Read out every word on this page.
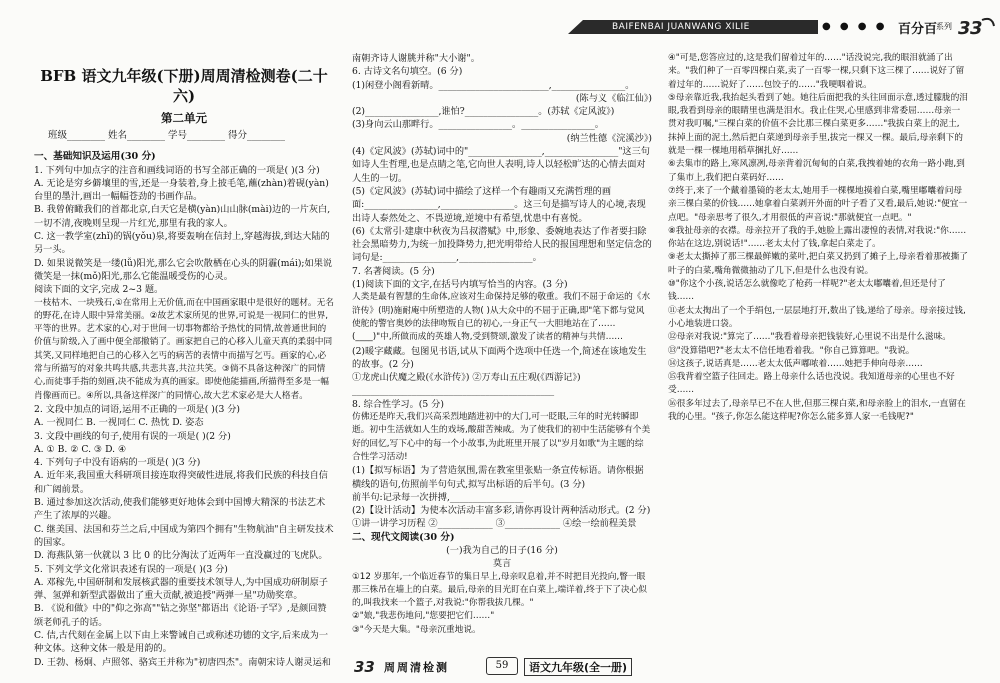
BAIFENBAI JUANWANG XILIE	● ● ● ● 百分百
系列 3 3

BFB 语文九年级(下册)周周清检测卷(二十六)

第二单元

班级________ 姓名________ 学号________ 得分________

一、基础知识及运用(30 分)

1. 下列句中加点字的注音和画线词语的书写全部正确的一项是( )(3 分)

A. 无论是穷乡僻壤里的雪,还是一身装着,身上披毛笔,蘸(zhàn)着砚(yàn)台里的墨汁,画出一幅幅苍劲的书画作品。

B. 我曾俯瞰我们的首都北京,白天它是横(yàn)山山脉(mài)边的一片灰白,一切不清,夜晚则呈现一片红光,那里有我的家人。

C. 这一教学室(zhǐ)的锅(yǒu)泉,将要轰响在信封上,穿越海拔,到达大陆的另一头。

D. 如果说微笑是一缕(lǚ)阳光,那么它会吹散栖在心头的阴霾(mái);如果说微笑是一抹(mǒ)阳光,那么它能温暖受伤的心灵。

阅读下面的文字,完成 2~3 题。

一枝枯木、一块残石,①在常用上无价值,而在中国画家眼中是很好的题材。无名的野花,在诗人眼中异常美丽。②故艺术家所见的世界,可说是一视同仁的世界,平等的世界。艺术家的心,对于世间一切事物都给予热忱的同情,故普通世间的价值与阶级,入了画中便全部撤销了。画家把自己的心移入儿童天真的柔弱中同其笑,又同样地把自己的心移入乞丐的病苦的表情中而描写乞丐。画家的心,必常与所描写的对象共鸣共感,共悲共喜,共泣共笑。③倘不具备这种深广的同情心,而徒事手指的刻画,决不能成为真的画家。即使他能描画,所描得至多是一幅肖像画而已。④所以,具备这样深广的同情心,故大艺术家必是大人格者。

2. 文段中加点的词语,运用不正确的一项是( )(3 分)

A. 一视同仁 B. 一视同仁 C. 热忱 D. 姿态

3. 文段中画线的句子,使用有误的一项是( )(2 分)

A. ① B. ② C. ③ D. ④

4. 下列句子中没有语病的一项是( )(3 分)

A. 近年来,我国重大科研项目接连取得突破性进展,将我们民族的科技自信和广阔前景。

B. 通过参加这次活动,使我们能够更好地体会到中国博大精深的书法艺术产生了浓厚的兴趣。

C. 继美国、法国和芬兰之后,中国成为第四个拥有"生物航油"自主研发技术的国家。

D. 海燕队第一伙就以 3 比 0 的比分淘汰了近两年一直没赢过的飞虎队。

5. 下列文学文化常识表述有误的一项是( )(3 分)

A. 邓稼先,中国研制和发展核武器的重要技术领导人,为中国成功研制原子弹、氢弹和新型武器做出了重大贡献,被追授"两弹一星"功勋奖章。

B. 《说和做》中的"仰之弥高""钻之弥坚"都语出《论语·子罕》,是颜回赞颂老师孔子的话。

C. 佶,古代刻在金属上以下由上来警诫自己或称述功德的文字,后来成为一种文体。这种文体一般是用韵的。

D. 王勃、杨炯、卢照邻、骆宾王并称为"初唐四杰"。南朝宋诗人谢灵运和

南朝齐诗人谢朓并称"大小谢"。

6. 古诗文名句填空。(6 分)

(1)闲登小阁看新晴。________________________,________________。

(陈与义《临江仙》)

(2)________________,谁怕?________________。(苏轼《定风波》)

(3)身向云山那畔行。________________。________________。

(纳兰性德《浣溪沙》)

(4)《定风波》(苏轼)词中的"________________,________________"这三句如诗人生哲理,也是点睛之笔,它向世人表明,诗人以轻松旷达的心情去面对人生的一切。

(5)《定风波》(苏轼)词中描绘了这样一个有趣雨又充满哲理的画面:________________,________________。这三句是描写诗人的心境,表现出诗人泰然处之、不畏逆境,逆境中有希望,忧患中有喜悦。

(6)《太常引·建康中秋夜为吕叔潜赋》中,形象、委婉地表达了作者要扫除社会黑暗势力,为统一加投降势力,把光明带给人民的报国理想和坚定信念的词句是:________________,________________。

7. 名著阅读。(5 分)

(1)阅读下面的文字,在括号内填写恰当的内容。(3 分)

人类是最有智慧的生命体,应该对生命保持足够的敬重。我们不屈于命运的《水浒传》(明)施耐庵中所塑造的人物( )从大众中的不屈于正确,即"笔下都与觉风使舵的警官奥妙的法律吻叛自已的初心,一身正气一大胆地站在了……(____)"中,所做而成的英雄人物,受到赞颂,激发了读者的精神与共情……

(2)暖字藏藏。包图见书语,试从下面两个选项中任选一个,简述在该地发生的故事。(2 分)

①龙虎山伏魔之殿(《水浒传》) ②万寿山五庄观(《西游记》)

____________________________________________

8. 综合性学习。(5 分)

仿佛还是昨天,我们兴高采烈地踏进初中的大门,可一眨眼,三年的时光转瞬即逝。初中生活就如人生的戏场,酸甜苦辣咸。为了使我们的初中生活能够有个美好的回忆,写下心中的每一个小故事,为此班里开展了以"岁月如歌"为主题的综合性学习活动!

(1)【拟写标语】为了营造氛围,需在教室里张贴一条宣传标语。请你根据横线的语句,仿照前半句句式,拟写出标语的后半句。(3 分)

前半句:记录每一次拼搏,________________

(2)【设计活动】为使本次活动丰富多彩,请你再设计两种活动形式。(2 分)

①讲一讲学习历程 ②____________ ③____________ ④绘一绘前程美景

二、现代文阅读(30 分)

(一)我为自己的日子(16 分)

莫言

①12 岁那年,一个临近春节的集日早上,母亲叹息着,并不时把目光投向,瞥一眼那三株吊在墙上的白菜。最后,母亲的目光盯在白菜上,端详着,终于下了决心似的,叫我找来一个篮子,对我说:"你帮我拔几棵。"

②"娘,"我悲伤地问,"您要把它们……"

③"今天是大集。"母亲沉重地说。

④"可是,您答应过的,这是我们留着过年的……"话没说完,我的眼泪就涌了出来。"我们种了一百零四棵白菜,卖了一百零一棵,只剩下这三棵了……说好了留着过年的……说好了……包饺子的……"我哽咽着说。

⑤母亲靠近我,我抬起头看到了她。她往后面把我的头往回面示意,透过朦胧的泪眼,我看到母亲的眼睛里也满是泪水。我止住哭,心里感到非常委屈……母亲一贯对我叮嘱,"三棵白菜的价值不会比那三棵白菜更多……"我拔白菜上的泥土,抹掉上面的泥土,然后把白菜递到母亲手里,拔完一棵又一棵。最后,母亲剩下的就是一棵一棵地用稻草捆扎好……

⑥去集市的路上,寒风凛冽,母亲背着沉甸甸的白菜,我拽着她的衣角一路小跑,到了集市上,我们把白菜码好……

⑦终于,来了一个戴着墨镜的老太太,她用手一棵棵地摸着白菜,嘴里嘟囔着问母亲三棵白菜的价钱……她拿着白菜剥开外面的叶子看了又看,最后,她说:"便宜一点吧。"母亲思考了很久,才用很低的声音说:"那就便宜一点吧。"

⑧我扯母亲的衣襟。母亲拉开了我的手,她脸上露出凄惶的表情,对我说:"你……你站在这边,别说话!"……老太太付了钱,拿起白菜走了。

⑨老太太撕掉了那三棵最鲜嫩的菜叶,把白菜又扔到了摊子上,母亲看着那被撕了叶子的白菜,嘴角微微抽动了几下,但是什么也没有说。

⑩"你这个小孩,说话怎么就像吃了枪药一样呢?"老太太嘟囔着,但还是付了钱……

⑪老太太掏出了一个手绢包,一层层地打开,数出了钱,递给了母亲。母亲接过钱,小心地装进口袋。

⑫母亲对我说:"算完了……"我看着母亲把钱装好,心里说不出是什么滋味。

⑬"没算错吧?"老太太不信任地看着我。"你自己算算吧。"我说。

⑭这孩子,说话真是……老太太低声嘟哝着……她把手伸向母亲……

⑮我背着空篮子往回走。路上母亲什么话也没说。我知道母亲的心里也不好受……

⑯很多年过去了,母亲早已不在人世,但那三棵白菜,和母亲脸上的泪水,一直留在我的心里。"孩子,你怎么能这样呢?你怎么能多算人家一毛钱呢?"

33 周周清检测	59	语文九年级(全一册)
